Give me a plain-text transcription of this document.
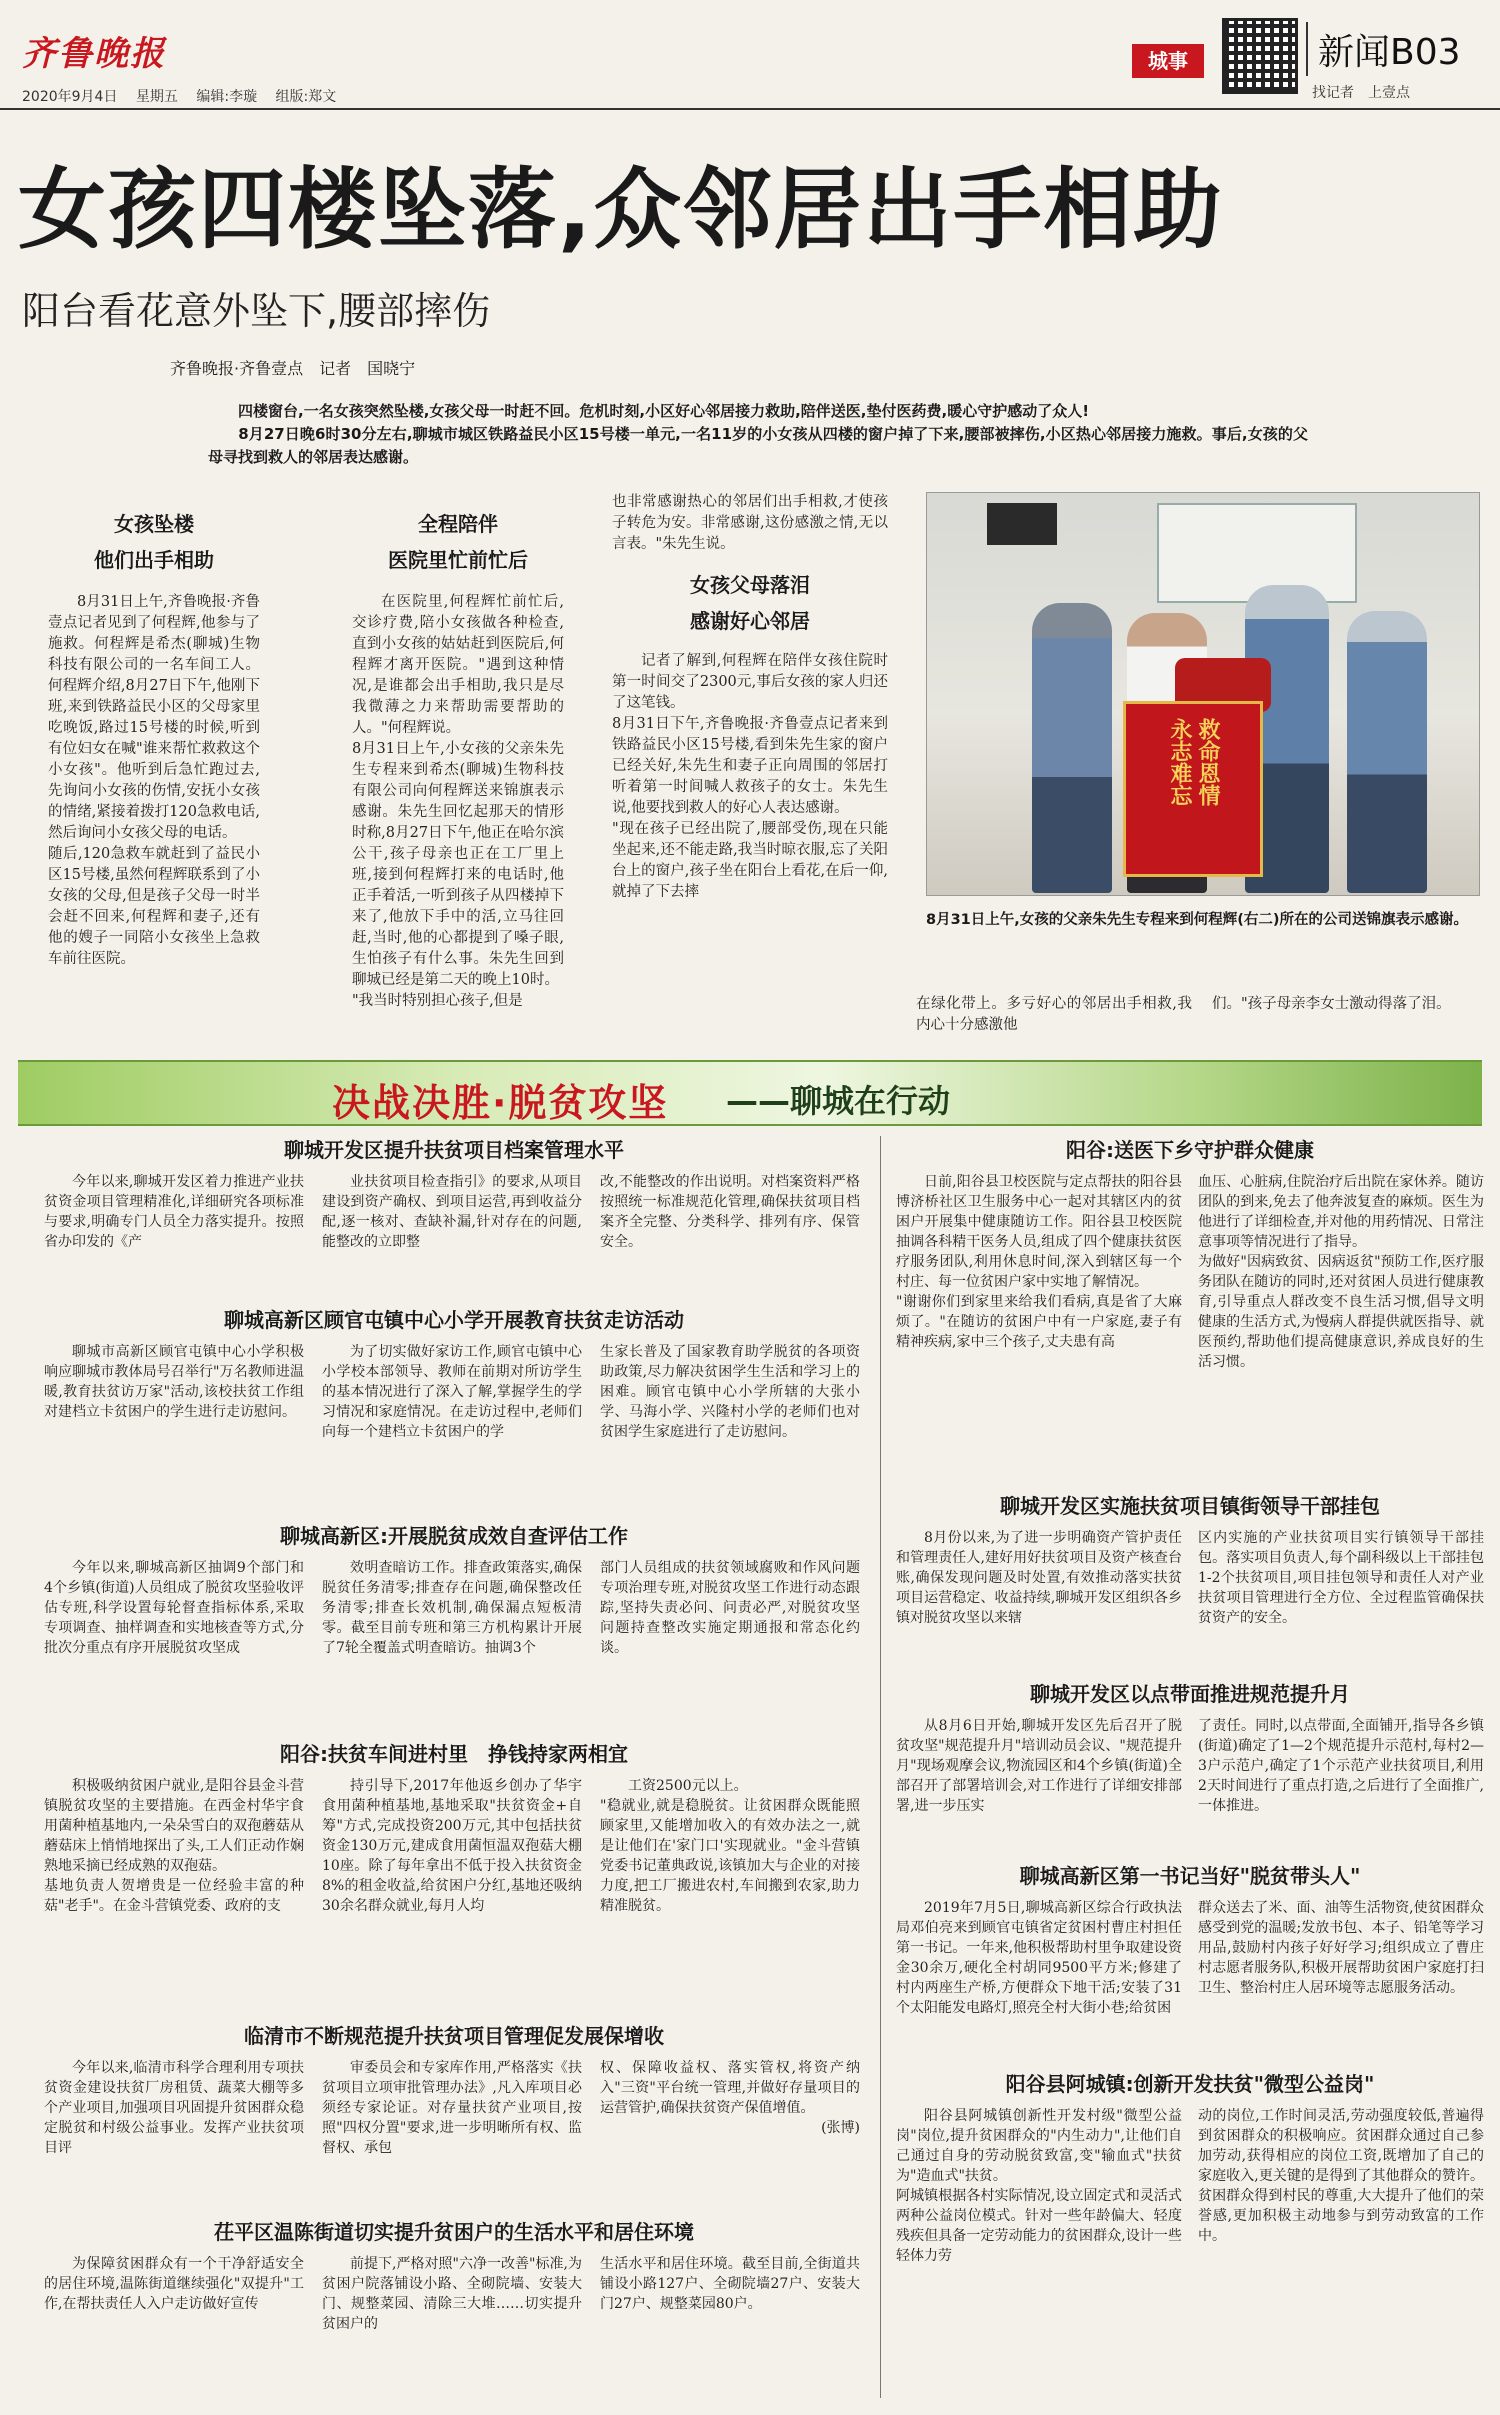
齐鲁晚报
2020年9月4日　 星期五　 编辑:李璇　 组版:郑文
城事	新闻B03
找记者　上壹点
女孩四楼坠落,众邻居出手相助
阳台看花意外坠下,腰部摔伤
齐鲁晚报·齐鲁壹点　记者　国晓宁
四楼窗台,一名女孩突然坠楼,女孩父母一时赶不回。危机时刻,小区好心邻居接力救助,陪伴送医,垫付医药费,暖心守护感动了众人!
　　8月27日晚6时30分左右,聊城市城区铁路益民小区15号楼一单元,一名11岁的小女孩从四楼的窗户掉了下来,腰部被摔伤,小区热心邻居接力施救。事后,女孩的父母寻找到救人的邻居表达感谢。
女孩坠楼
他们出手相助
8月31日上午,齐鲁晚报·齐鲁壹点记者见到了何程辉,他参与了施救。何程辉是希杰(聊城)生物科技有限公司的一名车间工人。何程辉介绍,8月27日下午,他刚下班,来到铁路益民小区的父母家里吃晚饭,路过15号楼的时候,听到有位妇女在喊"谁来帮忙救救这个小女孩"。他听到后急忙跑过去,先询问小女孩的伤情,安抚小女孩的情绪,紧接着拨打120急救电话,然后询问小女孩父母的电话。
随后,120急救车就赶到了益民小区15号楼,虽然何程辉联系到了小女孩的父母,但是孩子父母一时半会赶不回来,何程辉和妻子,还有他的嫂子一同陪小女孩坐上急救车前往医院。
全程陪伴
医院里忙前忙后
在医院里,何程辉忙前忙后,交诊疗费,陪小女孩做各种检查,直到小女孩的姑姑赶到医院后,何程辉才离开医院。"遇到这种情况,是谁都会出手相助,我只是尽我微薄之力来帮助需要帮助的人。"何程辉说。
8月31日上午,小女孩的父亲朱先生专程来到希杰(聊城)生物科技有限公司向何程辉送来锦旗表示感谢。朱先生回忆起那天的情形时称,8月27日下午,他正在哈尔滨公干,孩子母亲也正在工厂里上班,接到何程辉打来的电话时,他正手着活,一听到孩子从四楼掉下来了,他放下手中的活,立马往回赶,当时,他的心都提到了嗓子眼,生怕孩子有什么事。朱先生回到聊城已经是第二天的晚上10时。
"我当时特别担心孩子,但是
也非常感谢热心的邻居们出手相救,才使孩子转危为安。非常感谢,这份感激之情,无以言表。"朱先生说。
女孩父母落泪
感谢好心邻居
记者了解到,何程辉在陪伴女孩住院时第一时间交了2300元,事后女孩的家人归还了这笔钱。
8月31日下午,齐鲁晚报·齐鲁壹点记者来到铁路益民小区15号楼,看到朱先生家的窗户已经关好,朱先生和妻子正向周围的邻居打听着第一时间喊人救孩子的女士。朱先生说,他要找到救人的好心人表达感谢。
"现在孩子已经出院了,腰部受伤,现在只能坐起来,还不能走路,我当时晾衣服,忘了关阳台上的窗户,孩子坐在阳台上看花,在后一仰,就掉了下去摔
救命恩情
永志难忘
8月31日上午,女孩的父亲朱先生专程来到何程辉(右二)所在的公司送锦旗表示感谢。
在绿化带上。多亏好心的邻居出手相救,我内心十分感激他
们。"孩子母亲李女士激动得落了泪。
决战决胜·脱贫攻坚 ——聊城在行动
聊城开发区提升扶贫项目档案管理水平
今年以来,聊城开发区着力推进产业扶贫资金项目管理精准化,详细研究各项标准与要求,明确专门人员全力落实提升。按照省办印发的《产
业扶贫项目检查指引》的要求,从项目建设到资产确权、到项目运营,再到收益分配,逐一核对、查缺补漏,针对存在的问题,能整改的立即整
改,不能整改的作出说明。对档案资料严格按照统一标准规范化管理,确保扶贫项目档案齐全完整、分类科学、排列有序、保管安全。
聊城高新区顾官屯镇中心小学开展教育扶贫走访活动
聊城市高新区顾官屯镇中心小学积极响应聊城市教体局号召举行"万名教师进温暖,教育扶贫访万家"活动,该校扶贫工作组对建档立卡贫困户的学生进行走访慰问。
为了切实做好家访工作,顾官屯镇中心小学校本部领导、教师在前期对所访学生的基本情况进行了深入了解,掌握学生的学习情况和家庭情况。在走访过程中,老师们向每一个建档立卡贫困户的学
生家长普及了国家教育助学脱贫的各项资助政策,尽力解决贫困学生生活和学习上的困难。顾官屯镇中心小学所辖的大张小学、马海小学、兴隆村小学的老师们也对贫困学生家庭进行了走访慰问。
聊城高新区:开展脱贫成效自查评估工作
今年以来,聊城高新区抽调9个部门和4个乡镇(街道)人员组成了脱贫攻坚验收评估专班,科学设置每轮督查指标体系,采取专项调查、抽样调查和实地核查等方式,分批次分重点有序开展脱贫攻坚成
效明查暗访工作。排查政策落实,确保脱贫任务清零;排查存在问题,确保整改任务清零;排查长效机制,确保漏点短板清零。截至目前专班和第三方机构累计开展了7轮全覆盖式明查暗访。抽调3个
部门人员组成的扶贫领域腐败和作风问题专项治理专班,对脱贫攻坚工作进行动态跟踪,坚持失责必问、问责必严,对脱贫攻坚问题持查整改实施定期通报和常态化约谈。
阳谷:扶贫车间进村里　挣钱持家两相宜
积极吸纳贫困户就业,是阳谷县金斗营镇脱贫攻坚的主要措施。在西金村华宇食用菌种植基地内,一朵朵雪白的双孢蘑菇从蘑菇床上悄悄地探出了头,工人们正动作娴熟地采摘已经成熟的双孢菇。
基地负责人贺增贵是一位经验丰富的种菇"老手"。在金斗营镇党委、政府的支
持引导下,2017年他返乡创办了华宇食用菌种植基地,基地采取"扶贫资金+自筹"方式,完成投资200万元,其中包括扶贫资金130万元,建成食用菌恒温双孢菇大棚10座。除了每年拿出不低于投入扶贫资金8%的租金收益,给贫困户分红,基地还吸纳30余名群众就业,每月人均
工资2500元以上。
"稳就业,就是稳脱贫。让贫困群众既能照顾家里,又能增加收入的有效办法之一,就是让他们在'家门口'实现就业。"金斗营镇党委书记董典政说,该镇加大与企业的对接力度,把工厂搬进农村,车间搬到农家,助力精准脱贫。
临清市不断规范提升扶贫项目管理促发展保增收
今年以来,临清市科学合理利用专项扶贫资金建设扶贫厂房租赁、蔬菜大棚等多个产业项目,加强项目巩固提升贫困群众稳定脱贫和村级公益事业。发挥产业扶贫项目评
审委员会和专家库作用,严格落实《扶贫项目立项审批管理办法》,凡入库项目必须经专家论证。对存量扶贫产业项目,按照"四权分置"要求,进一步明晰所有权、监督权、承包
权、保障收益权、落实管权,将资产纳入"三资"平台统一管理,并做好存量项目的运营管护,确保扶贫资产保值增值。
(张博)
茌平区温陈街道切实提升贫困户的生活水平和居住环境
为保障贫困群众有一个干净舒适安全的居住环境,温陈街道继续强化"双提升"工作,在帮扶责任人入户走访做好宣传
前提下,严格对照"六净一改善"标准,为贫困户院落铺设小路、全砌院墙、安装大门、规整菜园、清除三大堆……切实提升贫困户的
生活水平和居住环境。截至目前,全街道共铺设小路127户、全砌院墙27户、安装大门27户、规整菜园80户。
阳谷:送医下乡守护群众健康
日前,阳谷县卫校医院与定点帮扶的阳谷县博济桥社区卫生服务中心一起对其辖区内的贫困户开展集中健康随访工作。阳谷县卫校医院抽调各科精干医务人员,组成了四个健康扶贫医疗服务团队,利用休息时间,深入到辖区每一个村庄、每一位贫困户家中实地了解情况。
"谢谢你们到家里来给我们看病,真是省了大麻烦了。"在随访的贫困户中有一户家庭,妻子有精神疾病,家中三个孩子,丈夫患有高
血压、心脏病,住院治疗后出院在家休养。随访团队的到来,免去了他奔波复查的麻烦。医生为他进行了详细检查,并对他的用药情况、日常注意事项等情况进行了指导。
为做好"因病致贫、因病返贫"预防工作,医疗服务团队在随访的同时,还对贫困人员进行健康教育,引导重点人群改变不良生活习惯,倡导文明健康的生活方式,为慢病人群提供就医指导、就医预约,帮助他们提高健康意识,养成良好的生活习惯。
聊城开发区实施扶贫项目镇街领导干部挂包
8月份以来,为了进一步明确资产管护责任和管理责任人,建好用好扶贫项目及资产核查台账,确保发现问题及时处置,有效推动落实扶贫项目运营稳定、收益持续,聊城开发区组织各乡镇对脱贫攻坚以来辖
区内实施的产业扶贫项目实行镇领导干部挂包。落实项目负责人,每个副科级以上干部挂包1-2个扶贫项目,项目挂包领导和责任人对产业扶贫项目管理进行全方位、全过程监管确保扶贫资产的安全。
聊城开发区以点带面推进规范提升月
从8月6日开始,聊城开发区先后召开了脱贫攻坚"规范提升月"培训动员会议、"规范提升月"现场观摩会议,物流园区和4个乡镇(街道)全部召开了部署培训会,对工作进行了详细安排部署,进一步压实
了责任。同时,以点带面,全面铺开,指导各乡镇(街道)确定了1—2个规范提升示范村,每村2—3户示范户,确定了1个示范产业扶贫项目,利用2天时间进行了重点打造,之后进行了全面推广,一体推进。
聊城高新区第一书记当好"脱贫带头人"
2019年7月5日,聊城高新区综合行政执法局邓伯亮来到顾官屯镇省定贫困村曹庄村担任第一书记。一年来,他积极帮助村里争取建设资金30余万,硬化全村胡同9500平方米;修建了村内两座生产桥,方便群众下地干活;安装了31个太阳能发电路灯,照亮全村大街小巷;给贫困
群众送去了米、面、油等生活物资,使贫困群众感受到党的温暖;发放书包、本子、铅笔等学习用品,鼓励村内孩子好好学习;组织成立了曹庄村志愿者服务队,积极开展帮助贫困户家庭打扫卫生、整治村庄人居环境等志愿服务活动。
阳谷县阿城镇:创新开发扶贫"微型公益岗"
阳谷县阿城镇创新性开发村级"微型公益岗"岗位,提升贫困群众的"内生动力",让他们自己通过自身的劳动脱贫致富,变"输血式"扶贫为"造血式"扶贫。
阿城镇根据各村实际情况,设立固定式和灵活式两种公益岗位模式。针对一些年龄偏大、轻度残疾但具备一定劳动能力的贫困群众,设计一些轻体力劳
动的岗位,工作时间灵活,劳动强度较低,普遍得到贫困群众的积极响应。贫困群众通过自己参加劳动,获得相应的岗位工资,既增加了自己的家庭收入,更关键的是得到了其他群众的赞许。贫困群众得到村民的尊重,大大提升了他们的荣誉感,更加积极主动地参与到劳动致富的工作中。
